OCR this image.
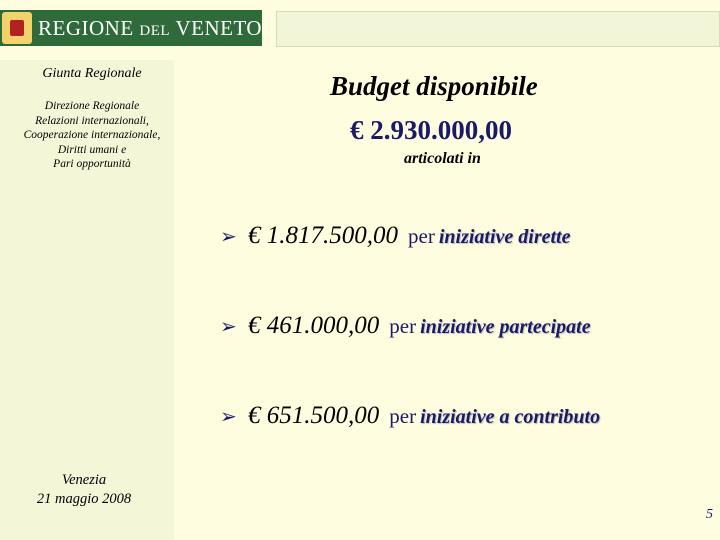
REGIONE DEL VENETO
Giunta Regionale
Direzione Regionale
Relazioni internazionali,
Cooperazione internazionale,
Diritti umani e
Pari opportunità
Venezia
21 maggio 2008
Budget disponibile
€ 2.930.000,00
articolati in
➢ € 1.817.500,00 per iniziative dirette
➢ € 461.000,00 per iniziative partecipate
➢ € 651.500,00 per iniziative a contributo
5
